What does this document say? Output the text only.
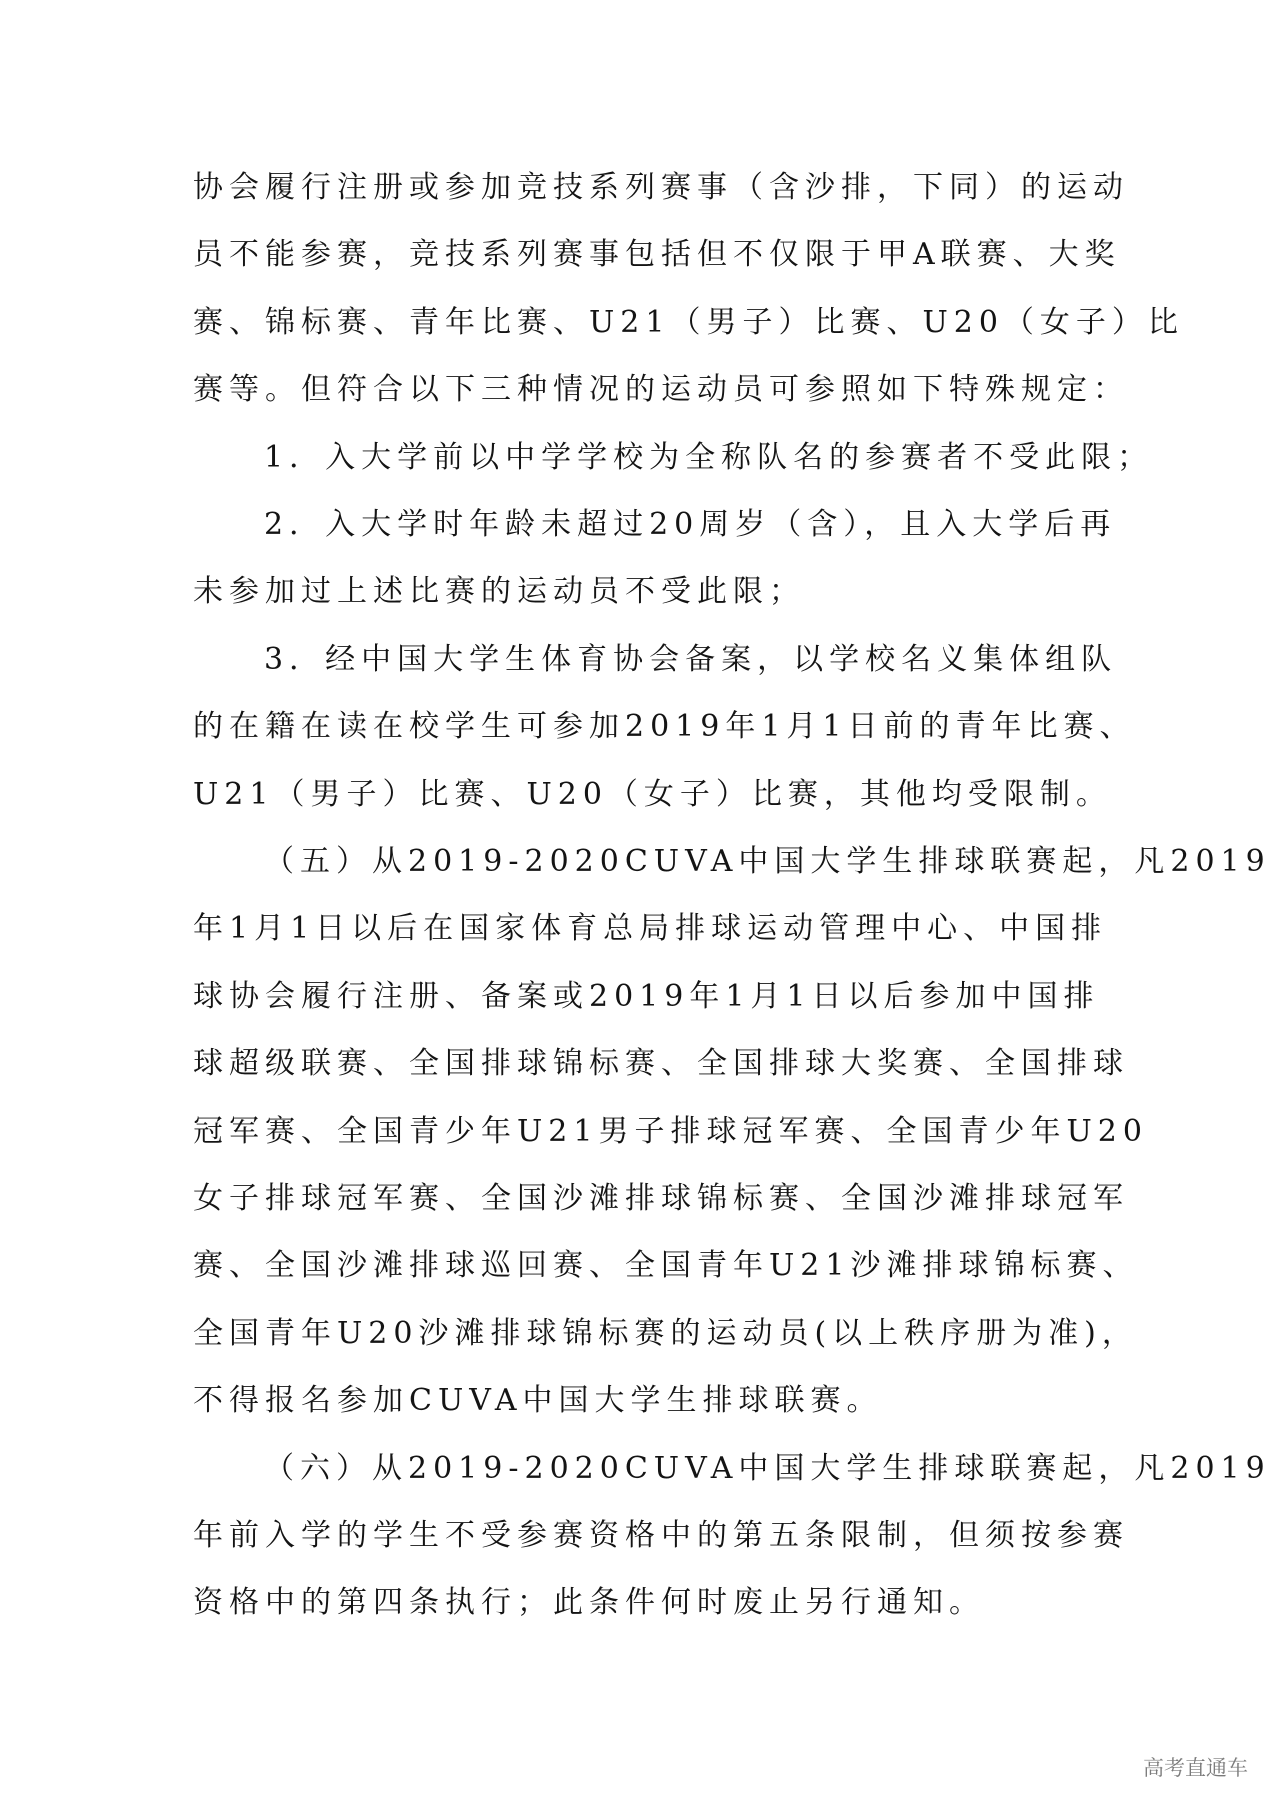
协会履行注册或参加竞技系列赛事（含沙排，下同）的运动
员不能参赛，竞技系列赛事包括但不仅限于甲A联赛、大奖
赛、锦标赛、青年比赛、U21（男子）比赛、U20（女子）比
赛等。但符合以下三种情况的运动员可参照如下特殊规定：
1．入大学前以中学学校为全称队名的参赛者不受此限；
2．入大学时年龄未超过20周岁（含），且入大学后再
未参加过上述比赛的运动员不受此限；
3．经中国大学生体育协会备案，以学校名义集体组队
的在籍在读在校学生可参加2019年1月1日前的青年比赛、
U21（男子）比赛、U20（女子）比赛，其他均受限制。
（五）从2019-2020CUVA中国大学生排球联赛起，凡2019
年1月1日以后在国家体育总局排球运动管理中心、中国排
球协会履行注册、备案或2019年1月1日以后参加中国排
球超级联赛、全国排球锦标赛、全国排球大奖赛、全国排球
冠军赛、全国青少年U21男子排球冠军赛、全国青少年U20
女子排球冠军赛、全国沙滩排球锦标赛、全国沙滩排球冠军
赛、全国沙滩排球巡回赛、全国青年U21沙滩排球锦标赛、
全国青年U20沙滩排球锦标赛的运动员(以上秩序册为准)，
不得报名参加CUVA中国大学生排球联赛。
（六）从2019-2020CUVA中国大学生排球联赛起，凡2019
年前入学的学生不受参赛资格中的第五条限制，但须按参赛
资格中的第四条执行；此条件何时废止另行通知。
高考直通车
